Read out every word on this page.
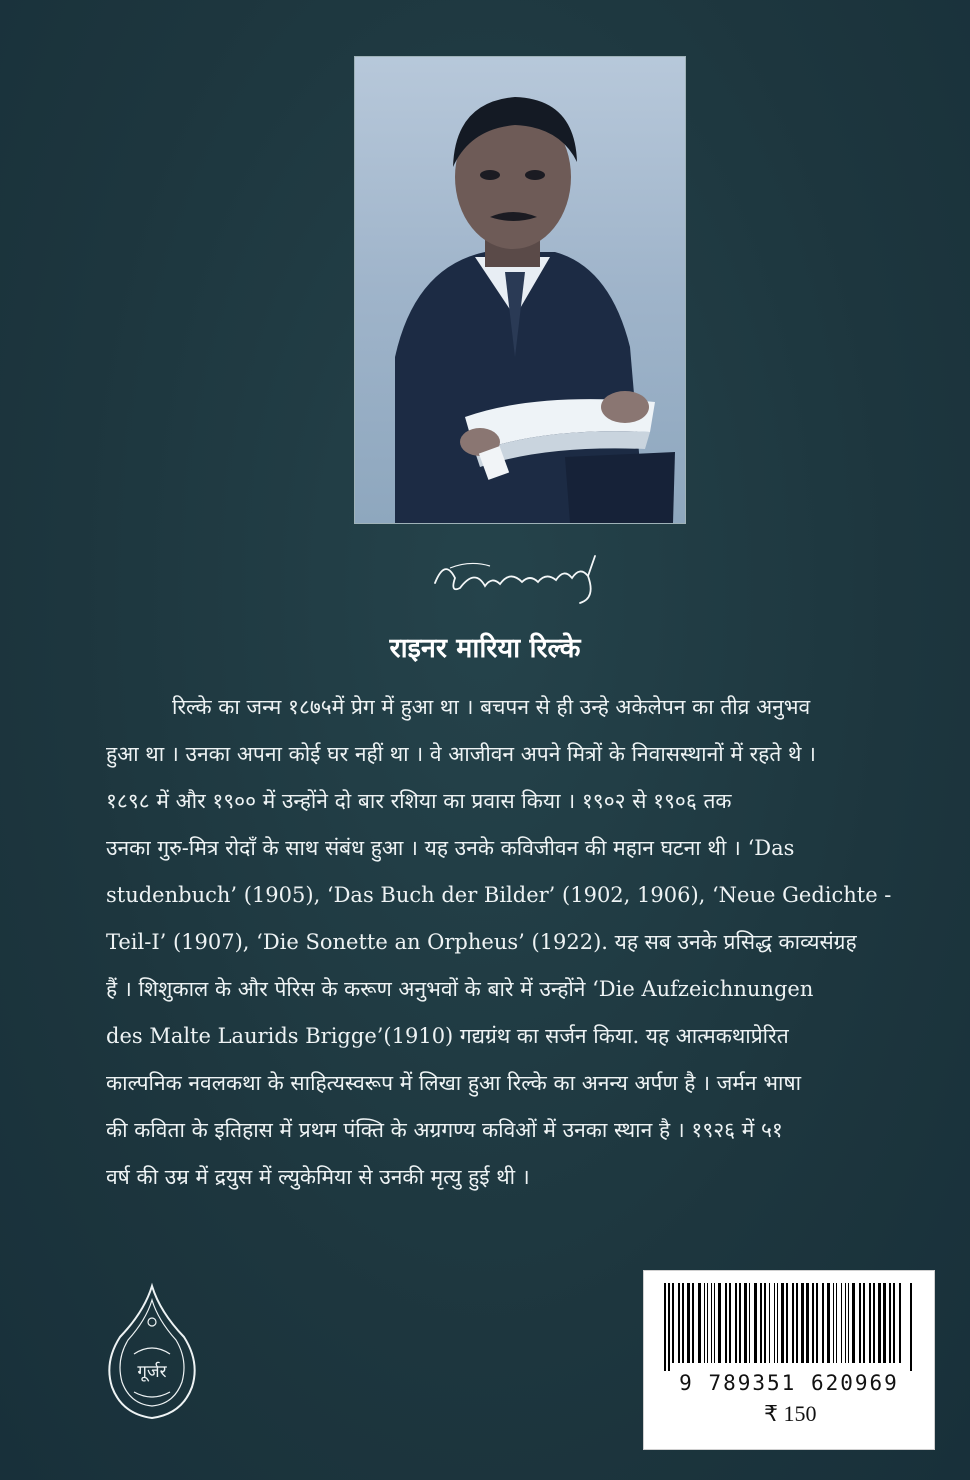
राइनर मारिया रिल्के
रिल्के का जन्म १८७५में प्रेग में हुआ था । बचपन से ही उन्हे अकेलेपन का तीव्र अनुभव
हुआ था । उनका अपना कोई घर नहीं था । वे आजीवन अपने मित्रों के निवासस्थानों में रहते थे ।
१८९८ में और १९०० में उन्होंने दो बार रशिया का प्रवास किया । १९०२ से १९०६ तक
उनका गुरु-मित्र रोदाँ के साथ संबंध हुआ । यह उनके कविजीवन की महान घटना थी । ‘Das
studenbuch’ (1905), ‘Das Buch der Bilder’ (1902, 1906), ‘Neue Gedichte -
Teil-I’ (1907), ‘Die Sonette an Orpheus’ (1922). यह सब उनके प्रसिद्ध काव्यसंग्रह
हैं । शिशुकाल के और पेरिस के करूण अनुभवों के बारे में उन्होंने ‘Die Aufzeichnungen
des Malte Laurids Brigge’(1910) गद्यग्रंथ का सर्जन किया. यह आत्मकथाप्रेरित
काल्पनिक नवलकथा के साहित्यस्वरूप में लिखा हुआ रिल्के का अनन्य अर्पण है । जर्मन भाषा
की कविता के इतिहास में प्रथम पंक्ति के अग्रगण्य कविओं में उनका स्थान है । १९२६ में ५१
वर्ष की उम्र में द्रयुस में ल्युकेमिया से उनकी मृत्यु हुई थी ।
गूर्जर	9 789351 620969
₹ 150
